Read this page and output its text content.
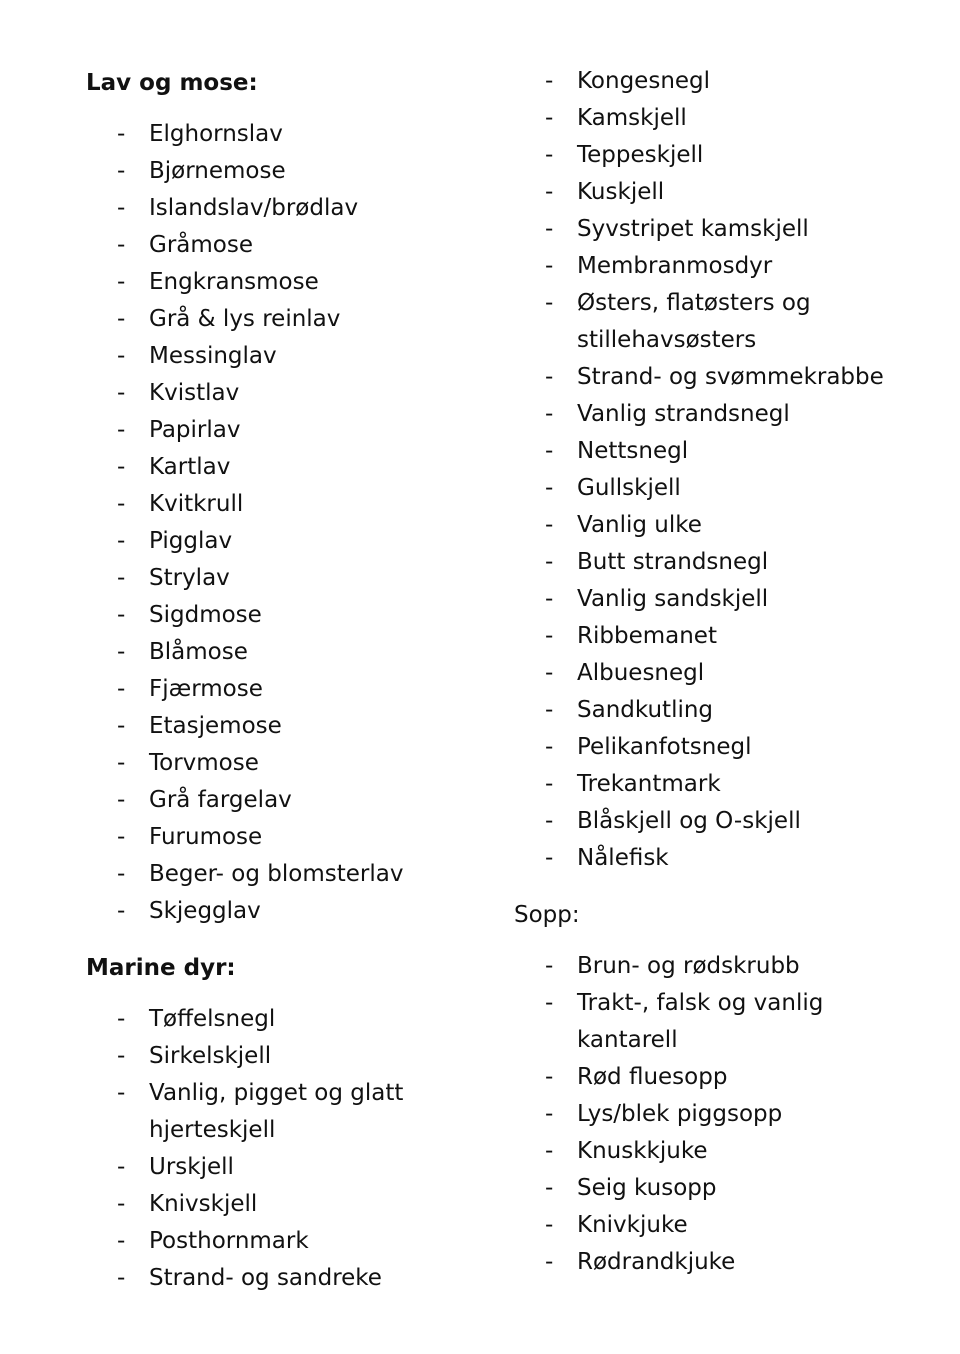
Lav og mose:
- Elghornslav
- Bjørnemose
- Islandslav/brødlav
- Gråmose
- Engkransmose
- Grå & lys reinlav
- Messinglav
- Kvistlav
- Papirlav
- Kartlav
- Kvitkrull
- Pigglav
- Strylav
- Sigdmose
- Blåmose
- Fjærmose
- Etasjemose
- Torvmose
- Grå fargelav
- Furumose
- Beger- og blomsterlav
- Skjegglav
Marine dyr:
- Tøffelsnegl
- Sirkelskjell
- Vanlig, pigget og glatt
hjerteskjell
- Urskjell
- Knivskjell
- Posthornmark
- Strand- og sandreke
- Kongesnegl
- Kamskjell
- Teppeskjell
- Kuskjell
- Syvstripet kamskjell
- Membranmosdyr
- Østers, flatøsters og
stillehavsøsters
- Strand- og svømmekrabbe
- Vanlig strandsnegl
- Nettsnegl
- Gullskjell
- Vanlig ulke
- Butt strandsnegl
- Vanlig sandskjell
- Ribbemanet
- Albuesnegl
- Sandkutling
- Pelikanfotsnegl
- Trekantmark
- Blåskjell og O-skjell
- Nålefisk
Sopp:
- Brun- og rødskrubb
- Trakt-, falsk og vanlig
kantarell
- Rød fluesopp
- Lys/blek piggsopp
- Knuskkjuke
- Seig kusopp
- Knivkjuke
- Rødrandkjuke
